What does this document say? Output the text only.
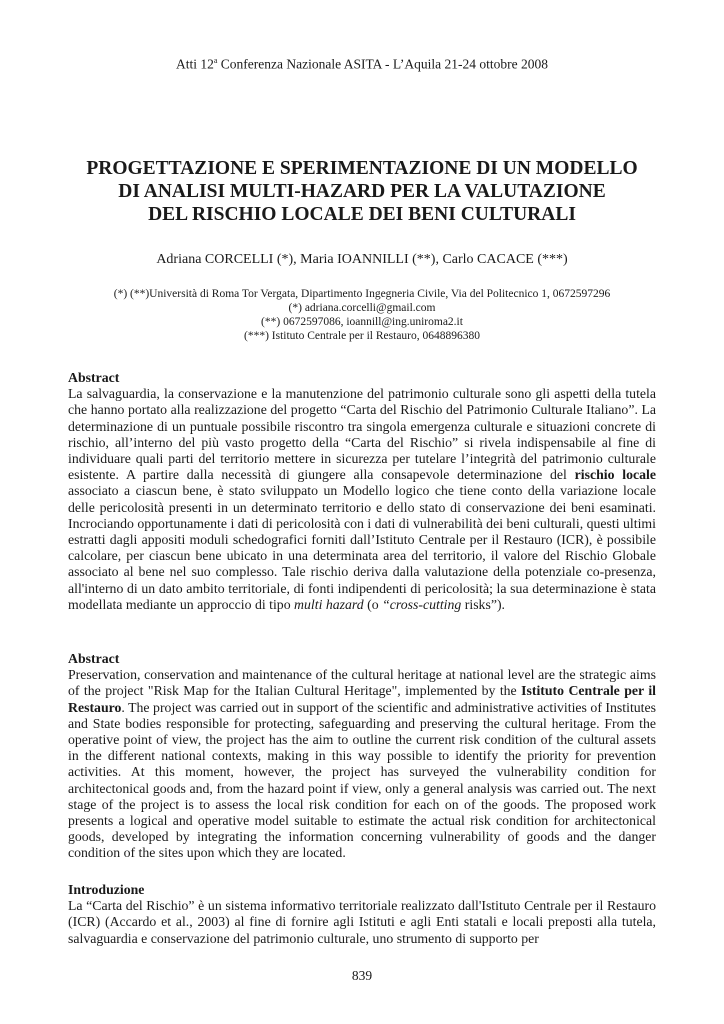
Atti 12$^a$ Conferenza Nazionale ASITA - L’Aquila 21-24 ottobre 2008
PROGETTAZIONE E SPERIMENTAZIONE DI UN MODELLO
DI ANALISI MULTI-HAZARD PER LA VALUTAZIONE
DEL RISCHIO LOCALE DEI BENI CULTURALI
Adriana CORCELLI (*), Maria IOANNILLI (**), Carlo CACACE (***)
(*) (**)Università di Roma Tor Vergata, Dipartimento Ingegneria Civile, Via del Politecnico 1, 0672597296
(*) adriana.corcelli@gmail.com
(**) 0672597086, ioannill@ing.uniroma2.it
(***) Istituto Centrale per il Restauro, 0648896380
Abstract

La salvaguardia, la conservazione e la manutenzione del patrimonio culturale sono gli aspetti della tutela che hanno portato alla realizzazione del progetto “Carta del Rischio del Patrimonio Culturale Italiano”. La determinazione di un puntuale possibile riscontro tra singola emergenza culturale e situazioni concrete di rischio, all’interno del più vasto progetto della “Carta del Rischio” si rivela indispensabile al fine di individuare quali parti del territorio mettere in sicurezza per tutelare l’integrità del patrimonio culturale esistente. A partire dalla necessità di giungere alla consapevole determinazione del rischio locale associato a ciascun bene, è stato sviluppato un Modello logico che tiene conto della variazione locale delle pericolosità presenti in un determinato territorio e dello stato di conservazione dei beni esaminati. Incrociando opportunamente i dati di pericolosità con i dati di vulnerabilità dei beni culturali, questi ultimi estratti dagli appositi moduli schedografici forniti dall’Istituto Centrale per il Restauro (ICR), è possibile calcolare, per ciascun bene ubicato in una determinata area del territorio, il valore del Rischio Globale associato al bene nel suo complesso. Tale rischio deriva dalla valutazione della potenziale co-presenza, all'interno di un dato ambito territoriale, di fonti indipendenti di pericolosità; la sua determinazione è stata modellata mediante un approccio di tipo multi hazard (o “cross-cutting risks”).

Abstract

Preservation, conservation and maintenance of the cultural heritage at national level are the strategic aims of the project "Risk Map for the Italian Cultural Heritage", implemented by the Istituto Centrale per il Restauro. The project was carried out in support of the scientific and administrative activities of Institutes and State bodies responsible for protecting, safeguarding and preserving the cultural heritage. From the operative point of view, the project has the aim to outline the current risk condition of the cultural assets in the different national contexts, making in this way possible to identify the priority for prevention activities. At this moment, however, the project has surveyed the vulnerability condition for architectonical goods and, from the hazard point if view, only a general analysis was carried out. The next stage of the project is to assess the local risk condition for each on of the goods. The proposed work presents a logical and operative model suitable to estimate the actual risk condition for architectonical goods, developed by integrating the information concerning vulnerability of goods and the danger condition of the sites upon which they are located.

Introduzione

La “Carta del Rischio” è un sistema informativo territoriale realizzato dall'Istituto Centrale per il Restauro (ICR) (Accardo et al., 2003) al fine di fornire agli Istituti e agli Enti statali e locali preposti alla tutela, salvaguardia e conservazione del patrimonio culturale, uno strumento di supporto per

839
